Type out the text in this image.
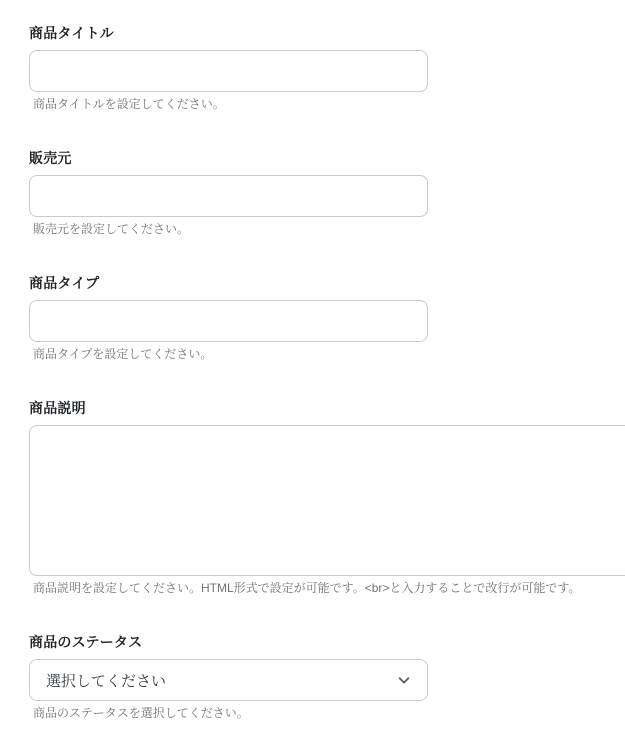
商品タイトル
商品タイトルを設定してください。
販売元
販売元を設定してください。
商品タイプ
商品タイプを設定してください。
商品説明
商品説明を設定してください。HTML形式で設定が可能です。<br>と入力することで改行が可能です。
商品のステータス
選択してください
商品のステータスを選択してください。
